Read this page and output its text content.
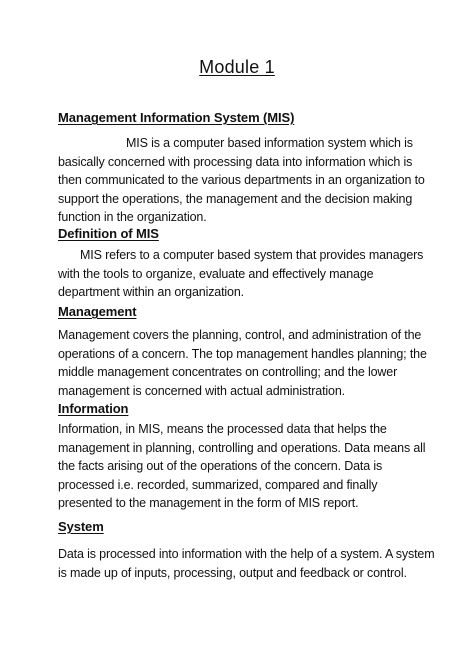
Module 1
Management Information System (MIS)
MIS is a computer based information system which is
basically concerned with processing data into information which is
then communicated to the various departments in an organization to
support the operations, the management and the decision making
function in the organization.
Definition of MIS
MIS refers to a computer based system that provides managers
with the tools to organize, evaluate and effectively manage
department within an organization.
Management
Management covers the planning, control, and administration of the
operations of a concern. The top management handles planning; the
middle management concentrates on controlling; and the lower
management is concerned with actual administration.
Information
Information, in MIS, means the processed data that helps the
management in planning, controlling and operations. Data means all
the facts arising out of the operations of the concern. Data is
processed i.e. recorded, summarized, compared and finally
presented to the management in the form of MIS report.
System
Data is processed into information with the help of a system. A system
is made up of inputs, processing, output and feedback or control.
